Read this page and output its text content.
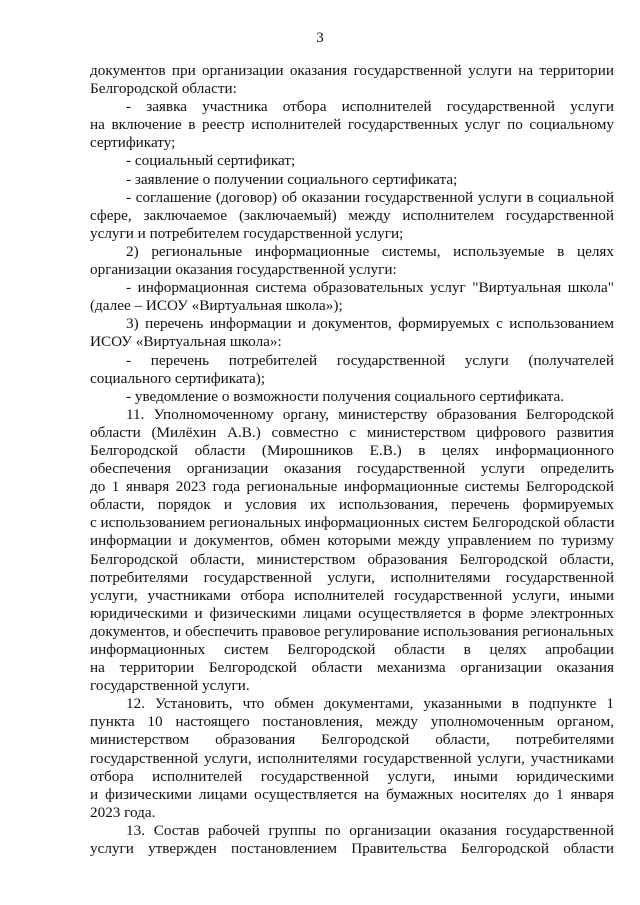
3
документов при организации оказания государственной услуги на территории
Белгородской области:
- заявка участника отбора исполнителей государственной услуги
на включение в реестр исполнителей государственных услуг по социальному
сертификату;
- социальный сертификат;
- заявление о получении социального сертификата;
- соглашение (договор) об оказании государственной услуги в социальной
сфере, заключаемое (заключаемый) между исполнителем государственной
услуги и потребителем государственной услуги;
2) региональные информационные системы, используемые в целях
организации оказания государственной услуги:
- информационная система образовательных услуг "Виртуальная школа"
(далее – ИСОУ «Виртуальная школа»);
3) перечень информации и документов, формируемых с использованием
ИСОУ «Виртуальная школа»:
- перечень потребителей государственной услуги (получателей
социального сертификата);
- уведомление о возможности получения социального сертификата.
11. Уполномоченному органу, министерству образования Белгородской
области (Милёхин А.В.) совместно с министерством цифрового развития
Белгородской области (Мирошников Е.В.) в целях информационного
обеспечения организации оказания государственной услуги определить
до 1 января 2023 года региональные информационные системы Белгородской
области, порядок и условия их использования, перечень формируемых
с использованием региональных информационных систем Белгородской области
информации и документов, обмен которыми между управлением по туризму
Белгородской области, министерством образования Белгородской области,
потребителями государственной услуги, исполнителями государственной
услуги, участниками отбора исполнителей государственной услуги, иными
юридическими и физическими лицами осуществляется в форме электронных
документов, и обеспечить правовое регулирование использования региональных
информационных систем Белгородской области в целях апробации
на территории Белгородской области механизма организации оказания
государственной услуги.
12. Установить, что обмен документами, указанными в подпункте 1
пункта 10 настоящего постановления, между уполномоченным органом,
министерством образования Белгородской области, потребителями
государственной услуги, исполнителями государственной услуги, участниками
отбора исполнителей государственной услуги, иными юридическими
и физическими лицами осуществляется на бумажных носителях до 1 января
2023 года.
13. Состав рабочей группы по организации оказания государственной
услуги утвержден постановлением Правительства Белгородской области
